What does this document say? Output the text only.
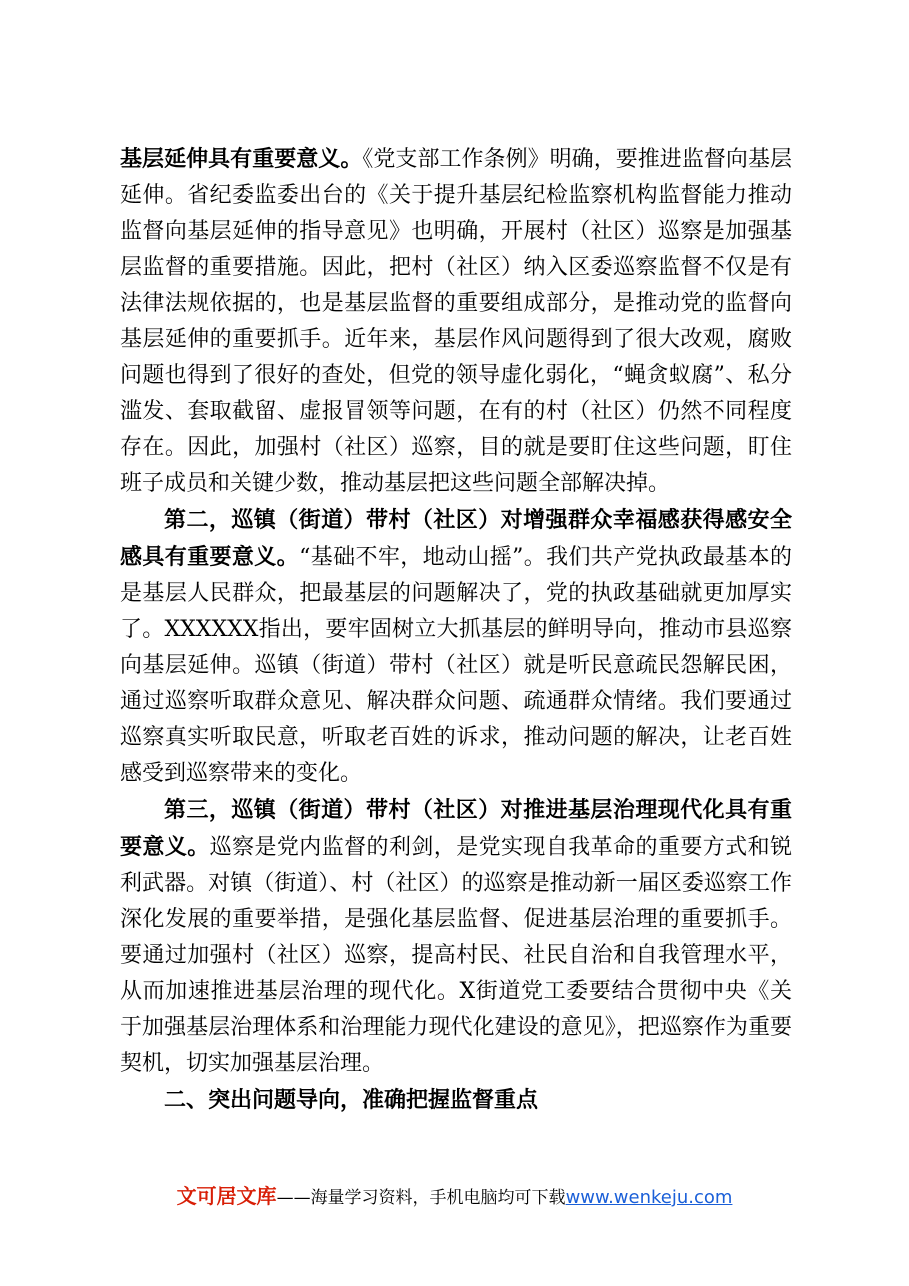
基层延伸具有重要意义。《党支部工作条例》明确，要推进监督向基层延伸。省纪委监委出台的《关于提升基层纪检监察机构监督能力推动监督向基层延伸的指导意见》也明确，开展村（社区）巡察是加强基层监督的重要措施。因此，把村（社区）纳入区委巡察监督不仅是有法律法规依据的，也是基层监督的重要组成部分，是推动党的监督向基层延伸的重要抓手。近年来，基层作风问题得到了很大改观，腐败问题也得到了很好的查处，但党的领导虚化弱化，“蝇贪蚁腐”、私分滥发、套取截留、虚报冒领等问题，在有的村（社区）仍然不同程度存在。因此，加强村（社区）巡察，目的就是要盯住这些问题，盯住班子成员和关键少数，推动基层把这些问题全部解决掉。

第二，巡镇（街道）带村（社区）对增强群众幸福感获得感安全感具有重要意义。“基础不牢，地动山摇”。我们共产党执政最基本的是基层人民群众，把最基层的问题解决了，党的执政基础就更加厚实了。XXXXXX指出，要牢固树立大抓基层的鲜明导向，推动市县巡察向基层延伸。巡镇（街道）带村（社区）就是听民意疏民怨解民困，通过巡察听取群众意见、解决群众问题、疏通群众情绪。我们要通过巡察真实听取民意，听取老百姓的诉求，推动问题的解决，让老百姓感受到巡察带来的变化。

第三，巡镇（街道）带村（社区）对推进基层治理现代化具有重要意义。巡察是党内监督的利剑，是党实现自我革命的重要方式和锐利武器。对镇（街道）、村（社区）的巡察是推动新一届区委巡察工作深化发展的重要举措，是强化基层监督、促进基层治理的重要抓手。要通过加强村（社区）巡察，提高村民、社民自治和自我管理水平，从而加速推进基层治理的现代化。X街道党工委要结合贯彻中央《关于加强基层治理体系和治理能力现代化建设的意见》，把巡察作为重要契机，切实加强基层治理。

二、突出问题导向，准确把握监督重点

文可居文库——海量学习资料，手机电脑均可下载www.wenkeju.com
